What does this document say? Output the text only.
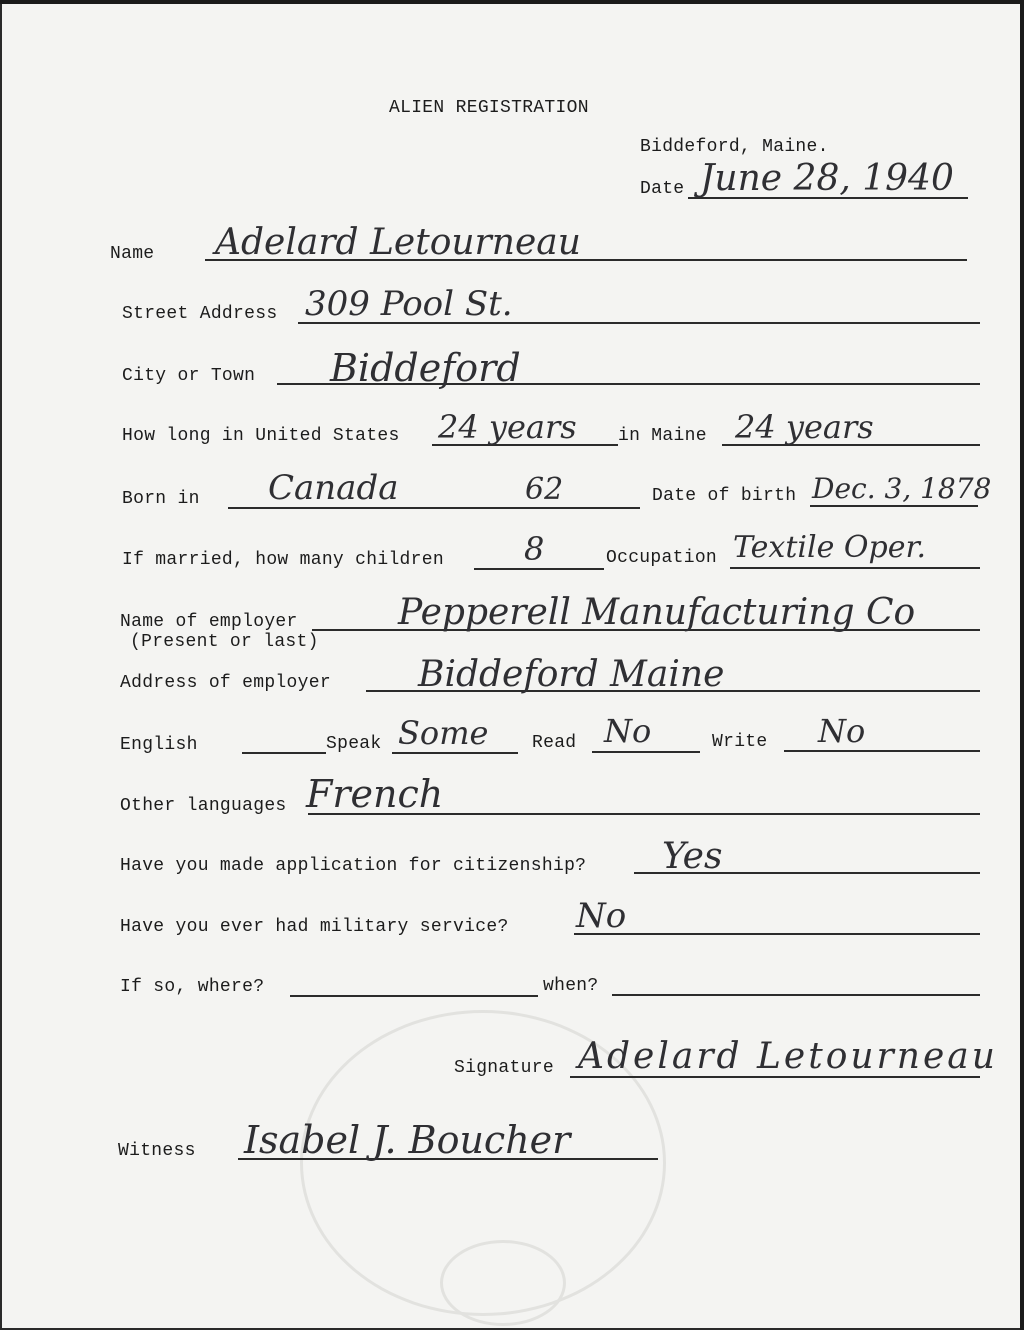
ALIEN REGISTRATION
Biddeford, Maine.
Date June 28, 1940
Name Adelard Letourneau
Street Address 309 Pool St.
City or Town Biddeford
How long in United States 24 years in Maine 24 years
Born in Canada	62	Date of birth Dec. 3, 1878
If married, how many children	8	Occupation Textile Oper.
Name of employer
(Present or last)
Pepperell Manufacturing Co
Address of employer Biddeford Maine
English	Speak Some Read No	Write No
Other languages French
Have you made application for citizenship? Yes
Have you ever had military service? No
If so, where?	when?
Signature Adelard Letourneau
Witness Isabel J. Boucher
